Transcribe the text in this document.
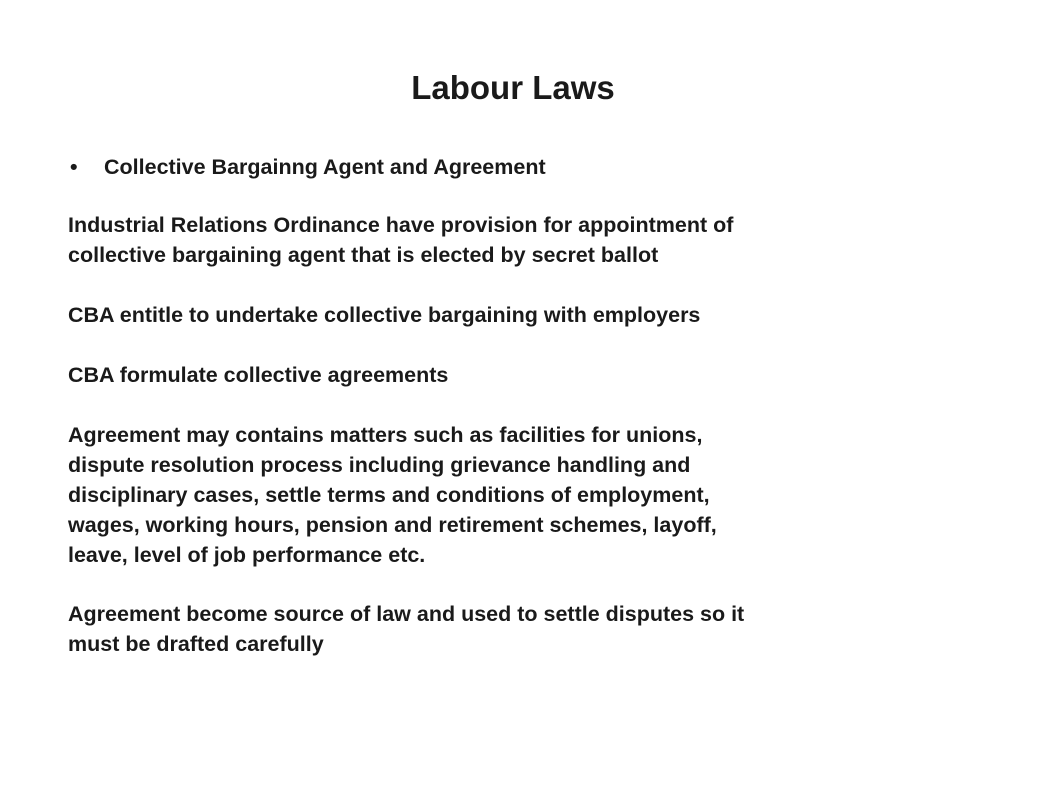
Labour Laws
• Collective Bargainng Agent and Agreement

Industrial Relations Ordinance have provision for appointment of
collective bargaining agent that is elected by secret ballot

CBA entitle to undertake collective bargaining with employers

CBA formulate collective agreements

Agreement may contains matters such as facilities for unions,
dispute resolution process including grievance handling and
disciplinary cases, settle terms and conditions of employment,
wages, working hours, pension and retirement schemes, layoff,
leave, level of job performance etc.

Agreement become source of law and used to settle disputes so it
must be drafted carefully
